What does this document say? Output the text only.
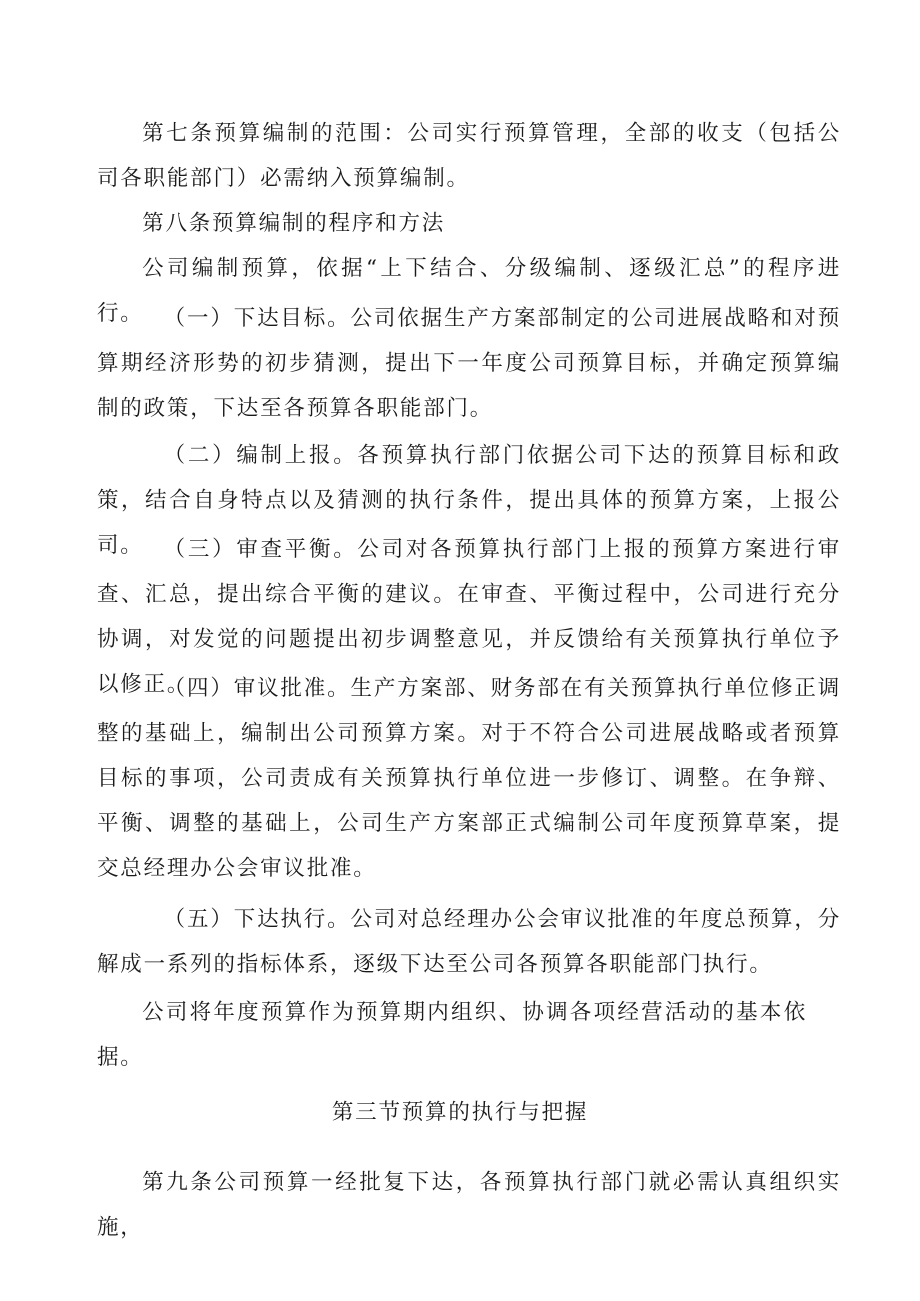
第七条预算编制的范围：公司实行预算管理，全部的收支（包括公司各职能部门）必需纳入预算编制。

第八条预算编制的程序和方法

公司编制预算，依据“上下结合、分级编制、逐级汇总”的程序进行。 （一）下达目标。公司依据生产方案部制定的公司进展战略和对预算期经济形势的初步猜测，提出下一年度公司预算目标，并确定预算编制的政策，下达至各预算各职能部门。

（二）编制上报。各预算执行部门依据公司下达的预算目标和政策，结合自身特点以及猜测的执行条件，提出具体的预算方案，上报公司。 （三）审查平衡。公司对各预算执行部门上报的预算方案进行审查、汇总，提出综合平衡的建议。在审查、平衡过程中，公司进行充分协调，对发觉的问题提出初步调整意见，并反馈给有关预算执行单位予以修正。

（四）审议批准。生产方案部、财务部在有关预算执行单位修正调整的基础上，编制出公司预算方案。对于不符合公司进展战略或者预算目标的事项，公司责成有关预算执行单位进一步修订、调整。在争辩、平衡、调整的基础上，公司生产方案部正式编制公司年度预算草案，提交总经理办公会审议批准。

（五）下达执行。公司对总经理办公会审议批准的年度总预算，分解成一系列的指标体系，逐级下达至公司各预算各职能部门执行。

公司将年度预算作为预算期内组织、协调各项经营活动的基本依据。

第三节预算的执行与把握

第九条公司预算一经批复下达，各预算执行部门就必需认真组织实施，
